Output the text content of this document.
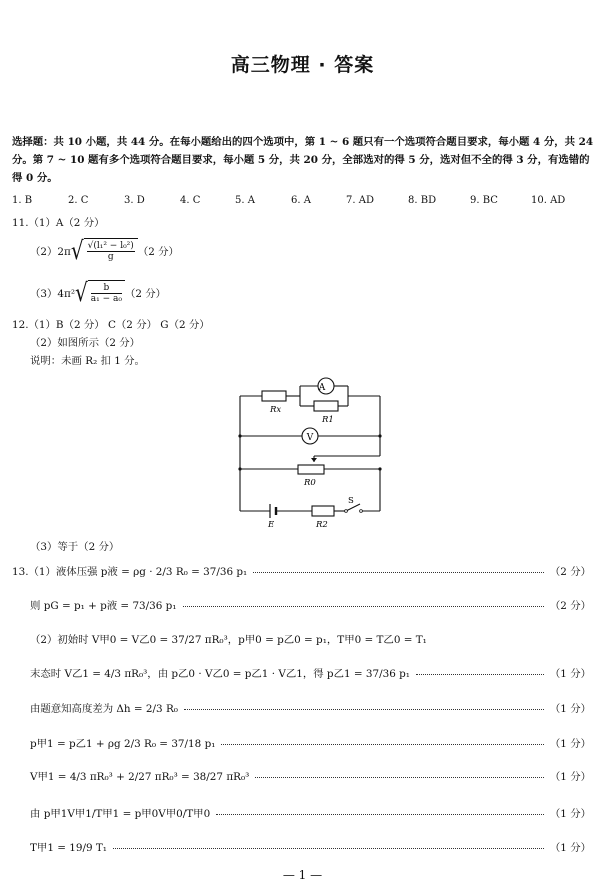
高三物理 · 答案
选择题：共 10 小题，共 44 分。在每小题给出的四个选项中，第 1 ~ 6 题只有一个选项符合题目要求，每小题 4 分，共 24 分。第 7 ~ 10 题有多个选项符合题目要求，每小题 5 分，共 20 分，全部选对的得 5 分，选对但不全的得 3 分，有选错的得 0 分。
1. B	2. C	3. D	4. C	5. A	6. A	7. AD	8. BD	9. BC	10. AD
11.（1）A（2 分）
（2）2π √ $\frac{\text{√(l₁² − l₀²)}}{g} (2$ 分）
（3）4π² √ $\frac{b}{\text{a₁ − a₀}} (2$ 分）
12.（1）B（2 分） C（2 分） G（2 分）
（2）如图所示（2 分）
说明：未画 R₂ 扣 1 分。
A
V
Rx
R1
R0
E	R2
S
（3）等于（2 分）
13.（1）液体压强 p液 = ρg · 2/3 R₀ = 37/36 p₁	（2 分）
则 pG = p₁ + p液 = 73/36 p₁	（2 分）
（2）初始时 V甲0 = V乙0 = 37/27 πR₀³，p甲0 = p乙0 = p₁，T甲0 = T乙0 = T₁
末态时 V乙1 = 4/3 πR₀³，由 p乙0 · V乙0 = p乙1 · V乙1，得 p乙1 = 37/36 p₁	（1 分）
由题意知高度差为 Δh = 2/3 R₀	（1 分）
p甲1 = p乙1 + ρg 2/3 R₀ = 37/18 p₁	（1 分）
V甲1 = 4/3 πR₀³ + 2/27 πR₀³ = 38/27 πR₀³	（1 分）
由 p甲1V甲1/T甲1 = p甲0V甲0/T甲0	（1 分）
T甲1 = 19/9 T₁	（1 分）
— 1 —
